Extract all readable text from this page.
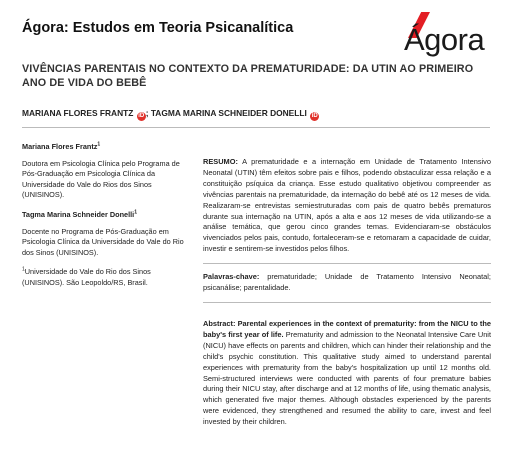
Ágora: Estudos em Teoria Psicanalítica	Ágora
VIVÊNCIAS PARENTAIS NO CONTEXTO DA PREMATURIDADE: DA UTIN AO PRIMEIRO ANO DE VIDA DO BEBÊ
MARIANA FLORES FRANTZ iD ; TAGMA MARINA SCHNEIDER DONELLI iD
Mariana Flores Frantz$^1$
Doutora em Psicologia Clínica pelo Programa de Pós-Graduação em Psicologia Clínica da Universidade do Vale do Rios dos Sinos (UNISINOS).
Tagma Marina Schneider Donelli$^1$
Docente no Programa de Pós-Graduação em Psicologia Clínica da Universidade do Vale do Rio dos Sinos (UNISINOS).
$^1$Universidade do Vale do Rio dos Sinos (UNISINOS). São Leopoldo/RS, Brasil.

RESUMO: A prematuridade e a internação em Unidade de Tratamento Intensivo Neonatal (UTIN) têm efeitos sobre pais e filhos, podendo obstaculizar essa relação e a constituição psíquica da criança. Esse estudo qualitativo objetivou compreender as vivências parentais na prematuridade, da internação do bebê até os 12 meses de vida. Realizaram-se entrevistas semiestruturadas com pais de quatro bebês prematuros durante sua internação na UTIN, após a alta e aos 12 meses de vida utilizando-se a análise temática, que gerou cinco grandes temas. Evidenciaram-se obstáculos vivenciados pelos pais, contudo, fortaleceram-se e retomaram a capacidade de cuidar, investir e sentirem-se investidos pelos filhos.

Palavras-chave: prematuridade; Unidade de Tratamento Intensivo Neonatal; psicanálise; parentalidade.

Abstract: Parental experiences in the context of prematurity: from the NICU to the baby's first year of life. Prematurity and admission to the Neonatal Intensive Care Unit (NICU) have effects on parents and children, which can hinder their relationship and the child's psychic constitution. This qualitative study aimed to understand parental experiences with prematurity from the baby's hospitalization up until 12 months old. Semi-structured interviews were conducted with parents of four premature babies during their NICU stay, after discharge and at 12 months of life, using thematic analysis, which generated five major themes. Although obstacles experienced by the parents were evidenced, they strengthened and resumed the ability to care, invest and feel invested by their children.
